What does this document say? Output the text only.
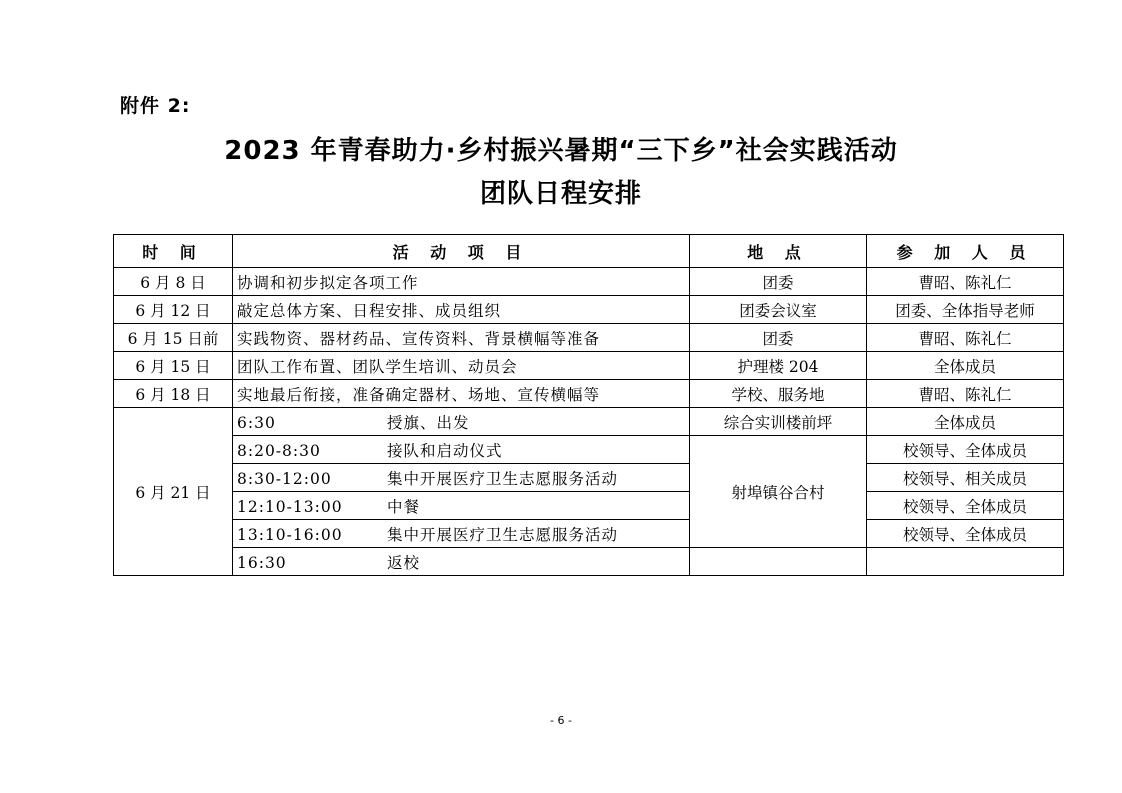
附件 2:
2023 年青春助力·乡村振兴暑期“三下乡”社会实践活动
团队日程安排
时 间	活 动 项 目	地 点	参 加 人 员
6 月 8 日	协调和初步拟定各项工作	团委	曹昭、陈礼仁
6 月 12 日	敲定总体方案、日程安排、成员组织	团委会议室	团委、全体指导老师
6 月 15 日前	实践物资、器材药品、宣传资料、背景横幅等准备	团委	曹昭、陈礼仁
6 月 15 日	团队工作布置、团队学生培训、动员会	护理楼 204	全体成员
6 月 18 日	实地最后衔接，准备确定器材、场地、宣传横幅等	学校、服务地	曹昭、陈礼仁
6 月 21 日	6:30 授旗、出发	综合实训楼前坪	全体成员
	8:20-8:30 接队和启动仪式	射埠镇谷合村	校领导、全体成员
	8:30-12:00 集中开展医疗卫生志愿服务活动		校领导、相关成员
	12:10-13:00 中餐		校领导、全体成员
	13:10-16:00 集中开展医疗卫生志愿服务活动		校领导、全体成员
	16:30 返校		
- 6 -
